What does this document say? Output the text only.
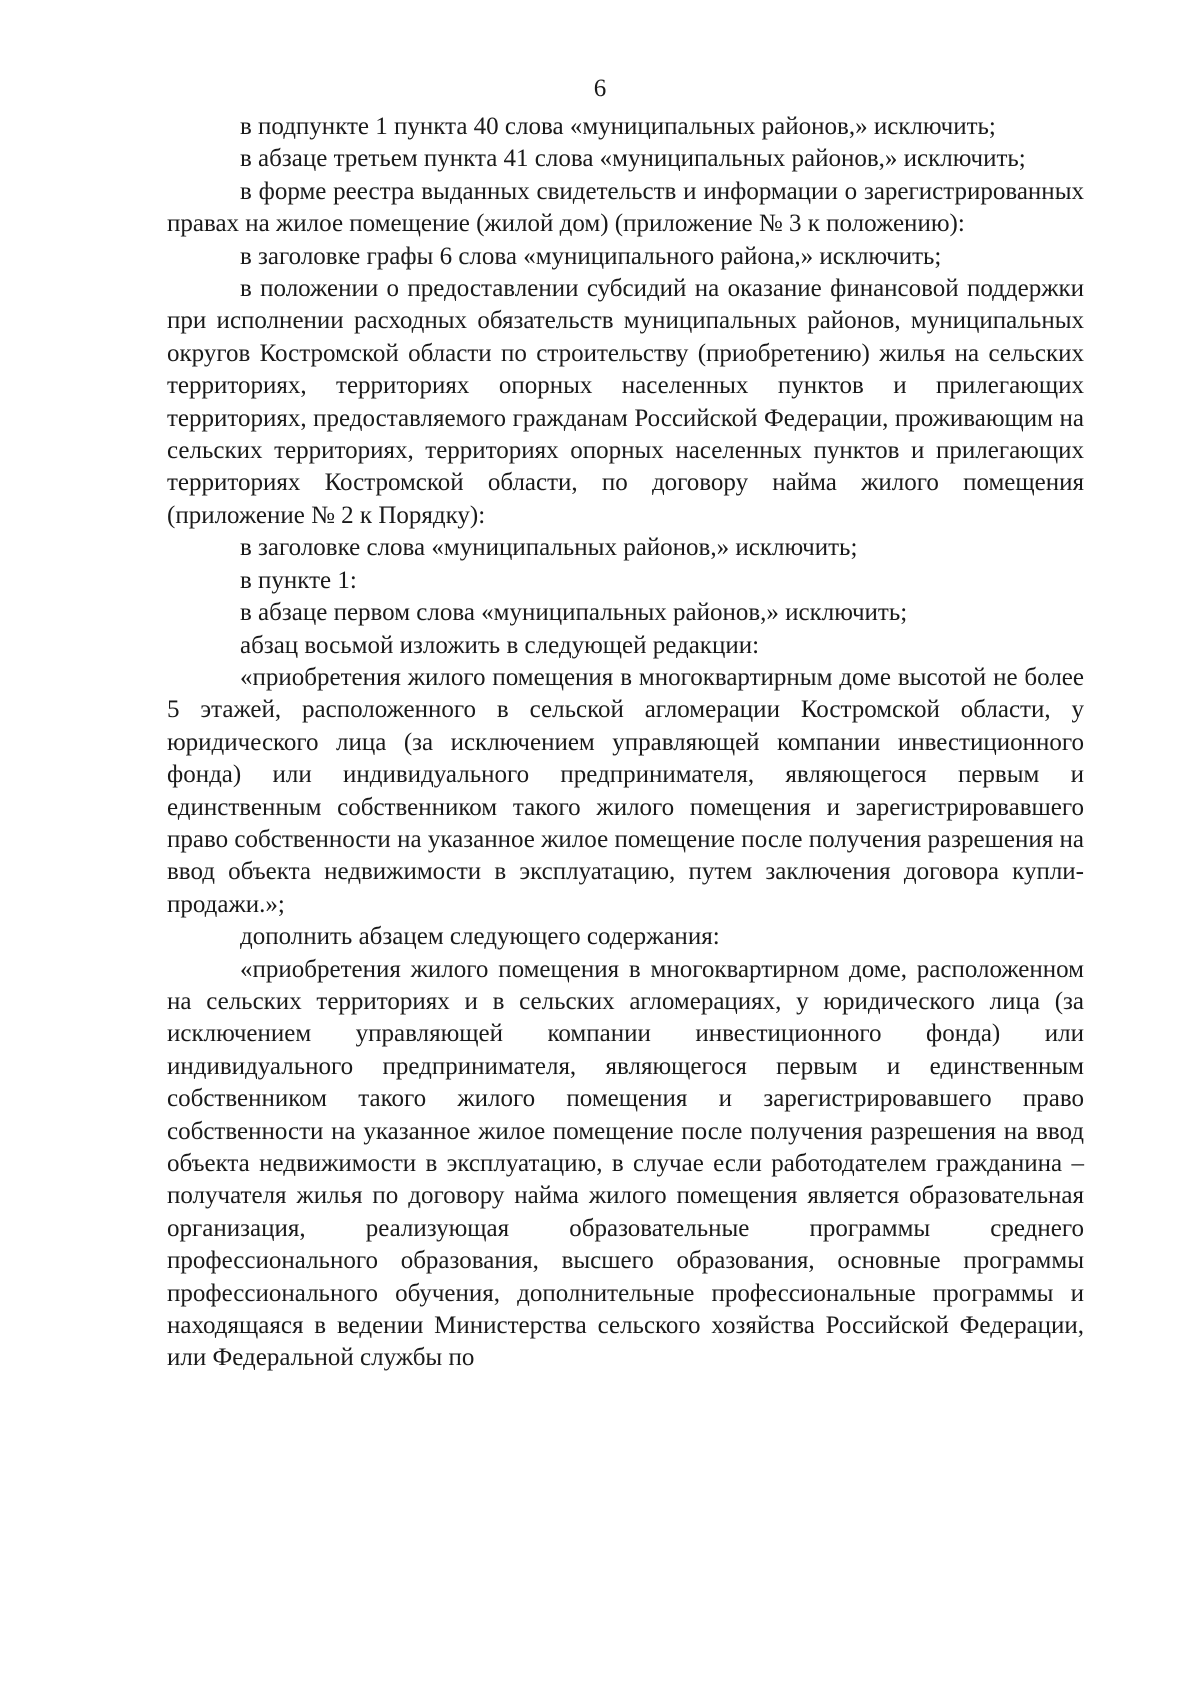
6

в подпункте 1 пункта 40 слова «муниципальных районов,» исключить;

в абзаце третьем пункта 41 слова «муниципальных районов,» исключить;

в форме реестра выданных свидетельств и информации о зарегистрированных правах на жилое помещение (жилой дом) (приложение № 3 к положению):

в заголовке графы 6 слова «муниципального района,» исключить;

в положении о предоставлении субсидий на оказание финансовой поддержки при исполнении расходных обязательств муниципальных районов, муниципальных округов Костромской области по строительству (приобретению) жилья на сельских территориях, территориях опорных населенных пунктов и прилегающих территориях, предоставляемого гражданам Российской Федерации, проживающим на сельских территориях, территориях опорных населенных пунктов и прилегающих территориях Костромской области, по договору найма жилого помещения (приложение № 2 к Порядку):

в заголовке слова «муниципальных районов,» исключить;

в пункте 1:

в абзаце первом слова «муниципальных районов,» исключить;

абзац восьмой изложить в следующей редакции:

«приобретения жилого помещения в многоквартирным доме высотой не более 5 этажей, расположенного в сельской агломерации Костромской области, у юридического лица (за исключением управляющей компании инвестиционного фонда) или индивидуального предпринимателя, являющегося первым и единственным собственником такого жилого помещения и зарегистрировавшего право собственности на указанное жилое помещение после получения разрешения на ввод объекта недвижимости в эксплуатацию, путем заключения договора купли-продажи.»;

дополнить абзацем следующего содержания:

«приобретения жилого помещения в многоквартирном доме, расположенном на сельских территориях и в сельских агломерациях, у юридического лица (за исключением управляющей компании инвестиционного фонда) или индивидуального предпринимателя, являющегося первым и единственным собственником такого жилого помещения и зарегистрировавшего право собственности на указанное жилое помещение после получения разрешения на ввод объекта недвижимости в эксплуатацию, в случае если работодателем гражданина – получателя жилья по договору найма жилого помещения является образовательная организация, реализующая образовательные программы среднего профессионального образования, высшего образования, основные программы профессионального обучения, дополнительные профессиональные программы и находящаяся в ведении Министерства сельского хозяйства Российской Федерации, или Федеральной службы по
